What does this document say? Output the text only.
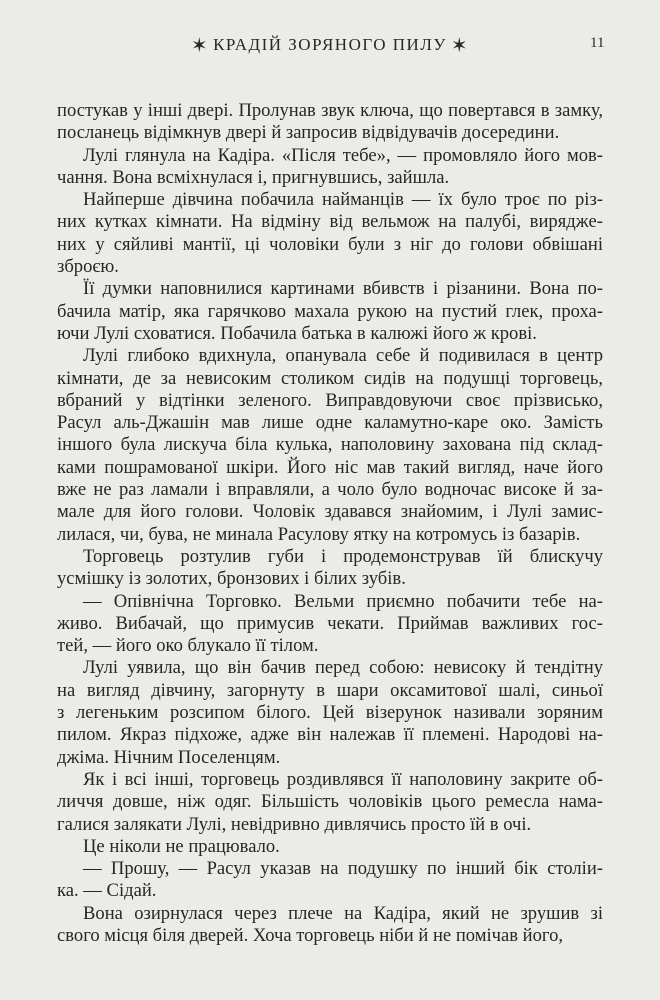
✶ КРАДІЙ ЗОРЯНОГО ПИЛУ ✶	11
постукав у інші двері. Пролунав звук ключа, що повертався в замку,
посланець відімкнув двері й запросив відвідувачів досередини.
Лулі глянула на Кадіра. «Після тебе», — промовляло його мов-
чання. Вона всміхнулася і, пригнувшись, зайшла.
Найперше дівчина побачила найманців — їх було троє по різ-
них кутках кімнати. На відміну від вельмож на палубі, виряджe-
них у сяйливі мантії, ці чоловіки були з ніг до голови обвішані
зброєю.
Її думки наповнилися картинами вбивств і різанини. Вона по-
бачила матір, яка гарячково махала рукою на пустий глек, проха-
ючи Лулі сховатися. Побачила батька в калюжі його ж крові.
Лулі глибоко вдихнула, опанувала себе й подивилася в центр
кімнати, де за невисоким столиком сидів на подушці торговець,
вбраний у відтінки зеленого. Виправдовуючи своє прізвисько,
Расул аль-Джашін мав лише одне каламутно-каре око. Замість
іншого була лискуча біла кулька, наполовину захована під склад-
ками пошрамованої шкіри. Його ніс мав такий вигляд, наче його
вже не раз ламали і вправляли, а чоло було водночас високе й за-
мале для його голови. Чоловік здавався знайомим, і Лулі замис-
лилася, чи, бува, не минала Расулову ятку на котромусь із базарів.
Торговець розтулив губи і продемонстрував їй блискучу
усмішку із золотих, бронзових і білих зубів.
— Опівнічна Торговко. Вельми приємно побачити тебе на-
живо. Вибачай, що примусив чекати. Приймав важливих гос-
тей, — його око блукало її тілом.
Лулі уявила, що він бачив перед собою: невисоку й тендітну
на вигляд дівчину, загорнуту в шари оксамитової шалі, синьої
з легеньким розсипом білого. Цей візерунок називали зоряним
пилом. Якраз підхоже, адже він належав її племені. Народові на-
джіма. Нічним Поселенцям.
Як і всі інші, торговець роздивлявся її наполовину закрите об-
личчя довше, ніж одяг. Більшість чоловіків цього ремесла нама-
галися залякати Лулі, невідривно дивлячись просто їй в очі.
Це ніколи не працювало.
— Прошу, — Расул указав на подушку по інший бік століи-
ка. — Сідай.
Вона озирнулася через плече на Кадіра, який не зрушив зі
свого місця біля дверей. Хоча торговець ніби й не помічав його,
